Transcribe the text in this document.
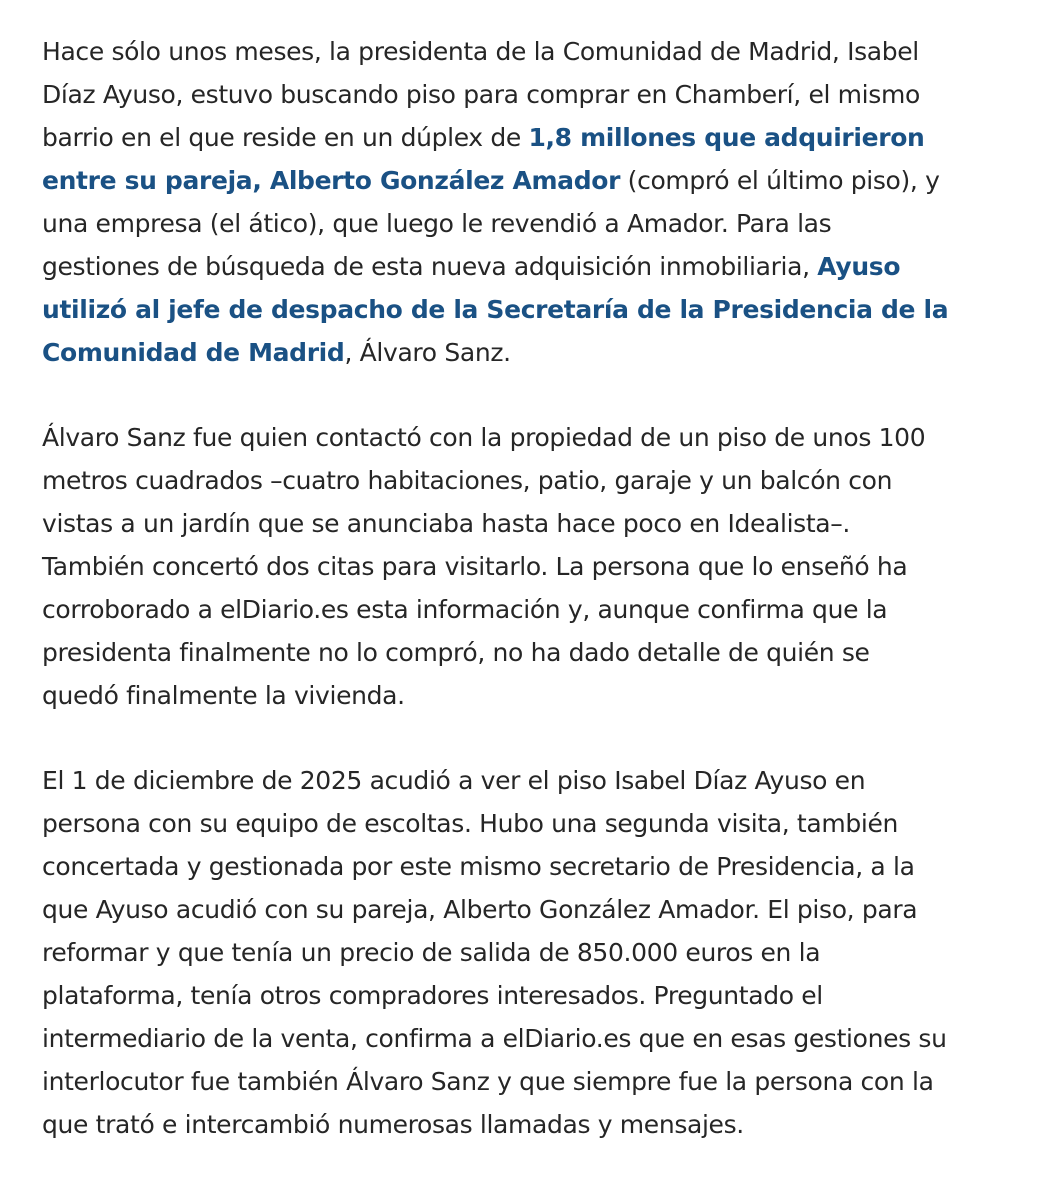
Hace sólo unos meses, la presidenta de la Comunidad de Madrid, Isabel Díaz Ayuso, estuvo buscando piso para comprar en Chamberí, el mismo barrio en el que reside en un dúplex de 1,8 millones que adquirieron entre su pareja, Alberto González Amador (compró el último piso), y una empresa (el ático), que luego le revendió a Amador. Para las gestiones de búsqueda de esta nueva adquisición inmobiliaria, Ayuso utilizó al jefe de despacho de la Secretaría de la Presidencia de la Comunidad de Madrid, Álvaro Sanz.

Álvaro Sanz fue quien contactó con la propiedad de un piso de unos 100 metros cuadrados –cuatro habitaciones, patio, garaje y un balcón con vistas a un jardín que se anunciaba hasta hace poco en Idealista–. También concertó dos citas para visitarlo. La persona que lo enseñó ha corroborado a elDiario.es esta información y, aunque confirma que la presidenta finalmente no lo compró, no ha dado detalle de quién se quedó finalmente la vivienda.

El 1 de diciembre de 2025 acudió a ver el piso Isabel Díaz Ayuso en persona con su equipo de escoltas. Hubo una segunda visita, también concertada y gestionada por este mismo secretario de Presidencia, a la que Ayuso acudió con su pareja, Alberto González Amador. El piso, para reformar y que tenía un precio de salida de 850.000 euros en la plataforma, tenía otros compradores interesados. Preguntado el intermediario de la venta, confirma a elDiario.es que en esas gestiones su interlocutor fue también Álvaro Sanz y que siempre fue la persona con la que trató e intercambió numerosas llamadas y mensajes.
